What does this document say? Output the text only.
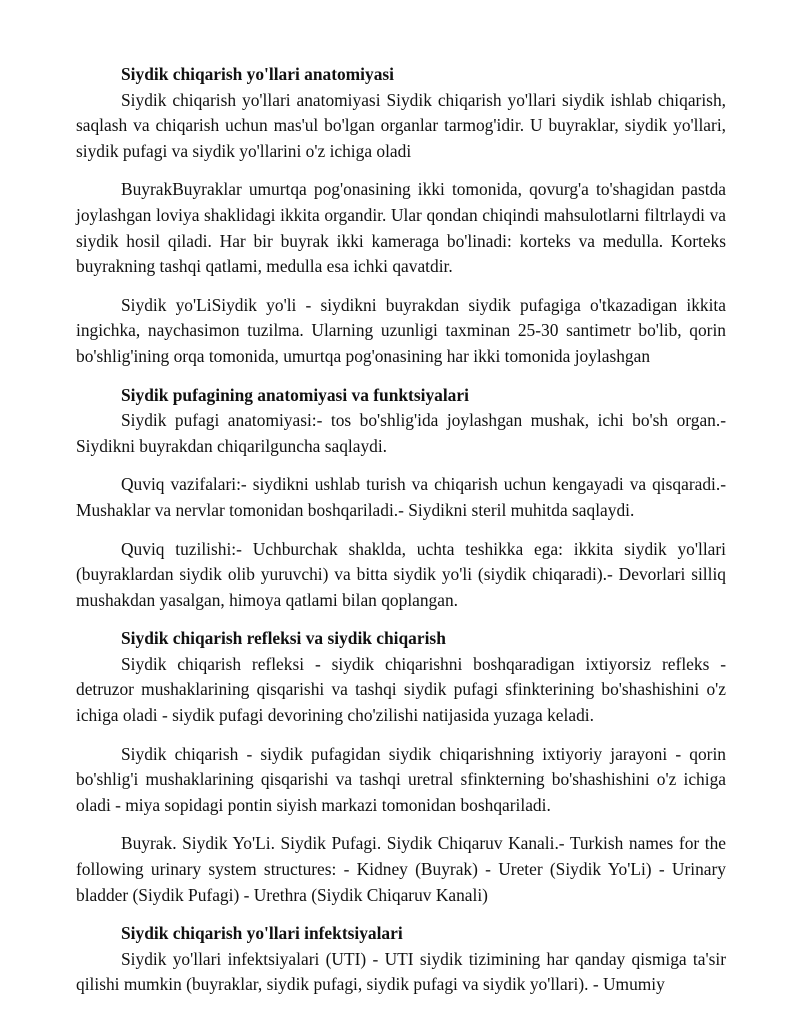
Siydik chiqarish yo'llari anatomiyasi

Siydik chiqarish yo'llari anatomiyasi Siydik chiqarish yo'llari siydik ishlab chiqarish, saqlash va chiqarish uchun mas'ul bo'lgan organlar tarmog'idir. U buyraklar, siydik yo'llari, siydik pufagi va siydik yo'llarini o'z ichiga oladi

BuyrakBuyraklar umurtqa pog'onasining ikki tomonida, qovurg'a to'shagidan pastda joylashgan loviya shaklidagi ikkita organdir. Ular qondan chiqindi mahsulotlarni filtrlaydi va siydik hosil qiladi. Har bir buyrak ikki kameraga bo'linadi: korteks va medulla. Korteks buyrakning tashqi qatlami, medulla esa ichki qavatdir.

Siydik yo'LiSiydik yo'li - siydikni buyrakdan siydik pufagiga o'tkazadigan ikkita ingichka, naychasimon tuzilma. Ularning uzunligi taxminan 25-30 santimetr bo'lib, qorin bo'shlig'ining orqa tomonida, umurtqa pog'onasining har ikki tomonida joylashgan

Siydik pufagining anatomiyasi va funktsiyalari

Siydik pufagi anatomiyasi:- tos bo'shlig'ida joylashgan mushak, ichi bo'sh organ.- Siydikni buyrakdan chiqarilguncha saqlaydi.

Quviq vazifalari:- siydikni ushlab turish va chiqarish uchun kengayadi va qisqaradi.- Mushaklar va nervlar tomonidan boshqariladi.- Siydikni steril muhitda saqlaydi.

Quviq tuzilishi:- Uchburchak shaklda, uchta teshikka ega: ikkita siydik yo'llari (buyraklardan siydik olib yuruvchi) va bitta siydik yo'li (siydik chiqaradi).- Devorlari silliq mushakdan yasalgan, himoya qatlami bilan qoplangan.

Siydik chiqarish refleksi va siydik chiqarish

Siydik chiqarish refleksi - siydik chiqarishni boshqaradigan ixtiyorsiz refleks - detruzor mushaklarining qisqarishi va tashqi siydik pufagi sfinkterining bo'shashishini o'z ichiga oladi - siydik pufagi devorining cho'zilishi natijasida yuzaga keladi.

Siydik chiqarish - siydik pufagidan siydik chiqarishning ixtiyoriy jarayoni - qorin bo'shlig'i mushaklarining qisqarishi va tashqi uretral sfinkterning bo'shashishini o'z ichiga oladi - miya sopidagi pontin siyish markazi tomonidan boshqariladi.

Buyrak. Siydik Yo'Li. Siydik Pufagi. Siydik Chiqaruv Kanali.- Turkish names for the following urinary system structures: - Kidney (Buyrak) - Ureter (Siydik Yo'Li) - Urinary bladder (Siydik Pufagi) - Urethra (Siydik Chiqaruv Kanali)

Siydik chiqarish yo'llari infektsiyalari

Siydik yo'llari infektsiyalari (UTI) - UTI siydik tizimining har qanday qismiga ta'sir qilishi mumkin (buyraklar, siydik pufagi, siydik pufagi va siydik yo'llari). - Umumiy
